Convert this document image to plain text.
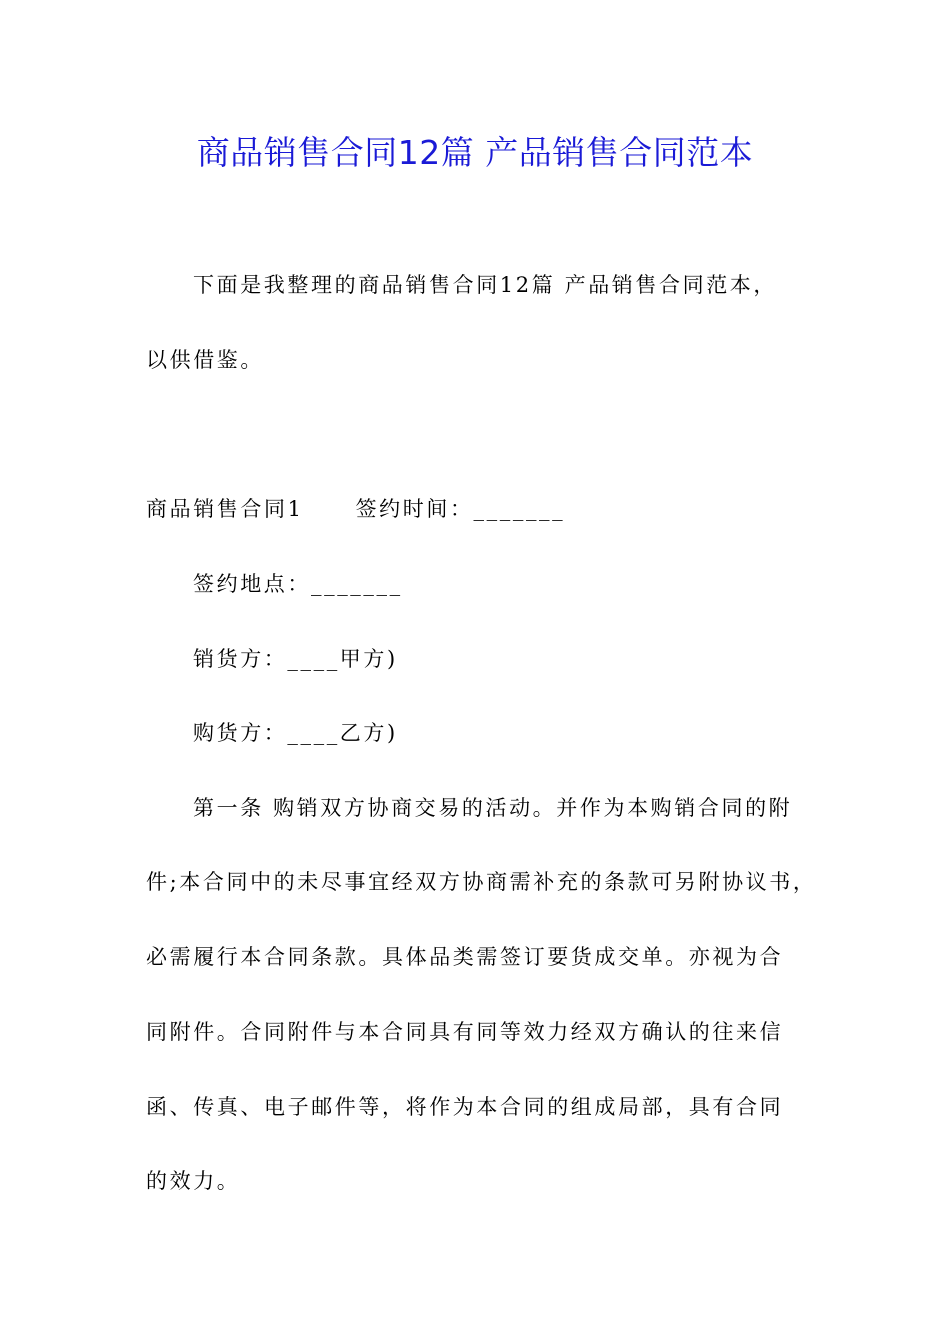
商品销售合同12篇 产品销售合同范本
下面是我整理的商品销售合同12篇 产品销售合同范本，
以供借鉴。
商品销售合同1 签约时间：_______
签约地点：_______
销货方：____甲方)
购货方：____乙方)
第一条 购销双方协商交易的活动。并作为本购销合同的附
件;本合同中的未尽事宜经双方协商需补充的条款可另附协议书，
必需履行本合同条款。具体品类需签订要货成交单。亦视为合
同附件。合同附件与本合同具有同等效力经双方确认的往来信
函、传真、电子邮件等，将作为本合同的组成局部，具有合同
的效力。
